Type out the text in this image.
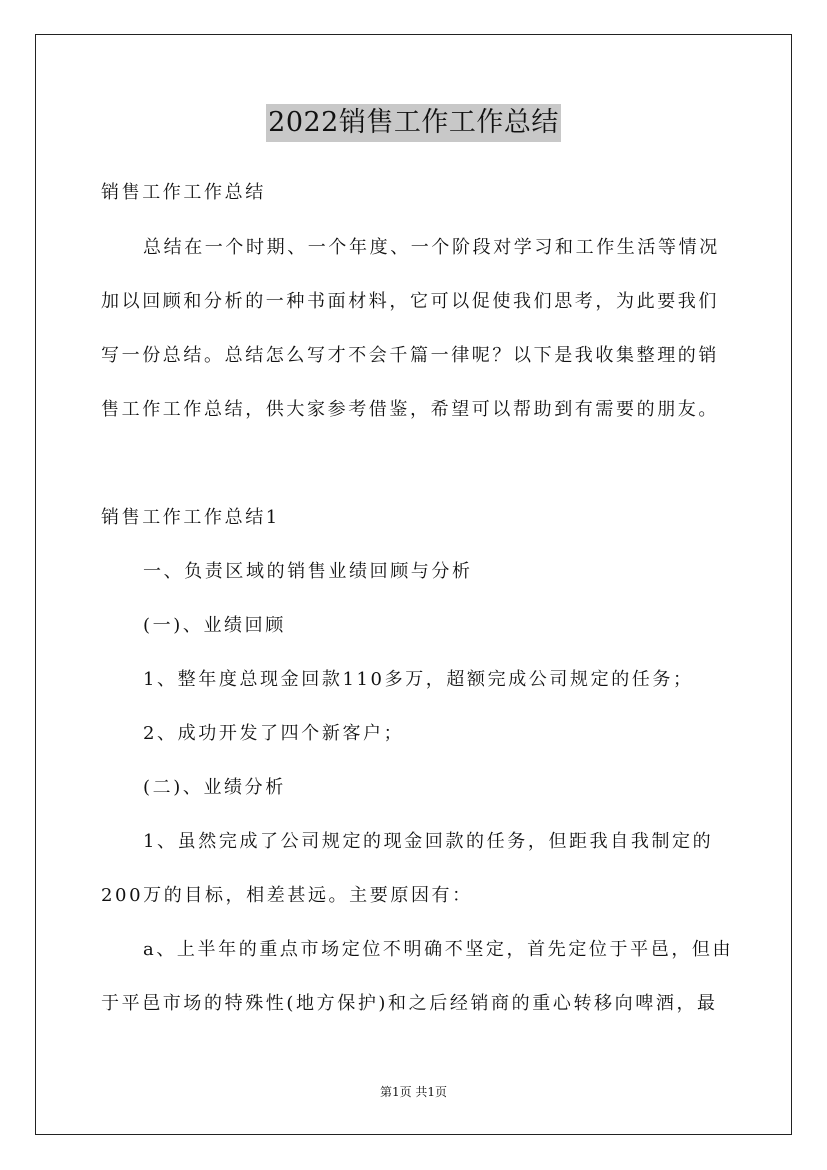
2022销售工作工作总结
销售工作工作总结
总结在一个时期、一个年度、一个阶段对学习和工作生活等情况
加以回顾和分析的一种书面材料，它可以促使我们思考，为此要我们
写一份总结。总结怎么写才不会千篇一律呢？以下是我收集整理的销
售工作工作总结，供大家参考借鉴，希望可以帮助到有需要的朋友。
销售工作工作总结1
一、负责区域的销售业绩回顾与分析
(一)、业绩回顾
1、整年度总现金回款110多万，超额完成公司规定的任务；
2、成功开发了四个新客户；
(二)、业绩分析
1、虽然完成了公司规定的现金回款的任务，但距我自我制定的
200万的目标，相差甚远。主要原因有：
a、上半年的重点市场定位不明确不坚定，首先定位于平邑，但由
于平邑市场的特殊性(地方保护)和之后经销商的重心转移向啤酒，最
第1页 共1页
